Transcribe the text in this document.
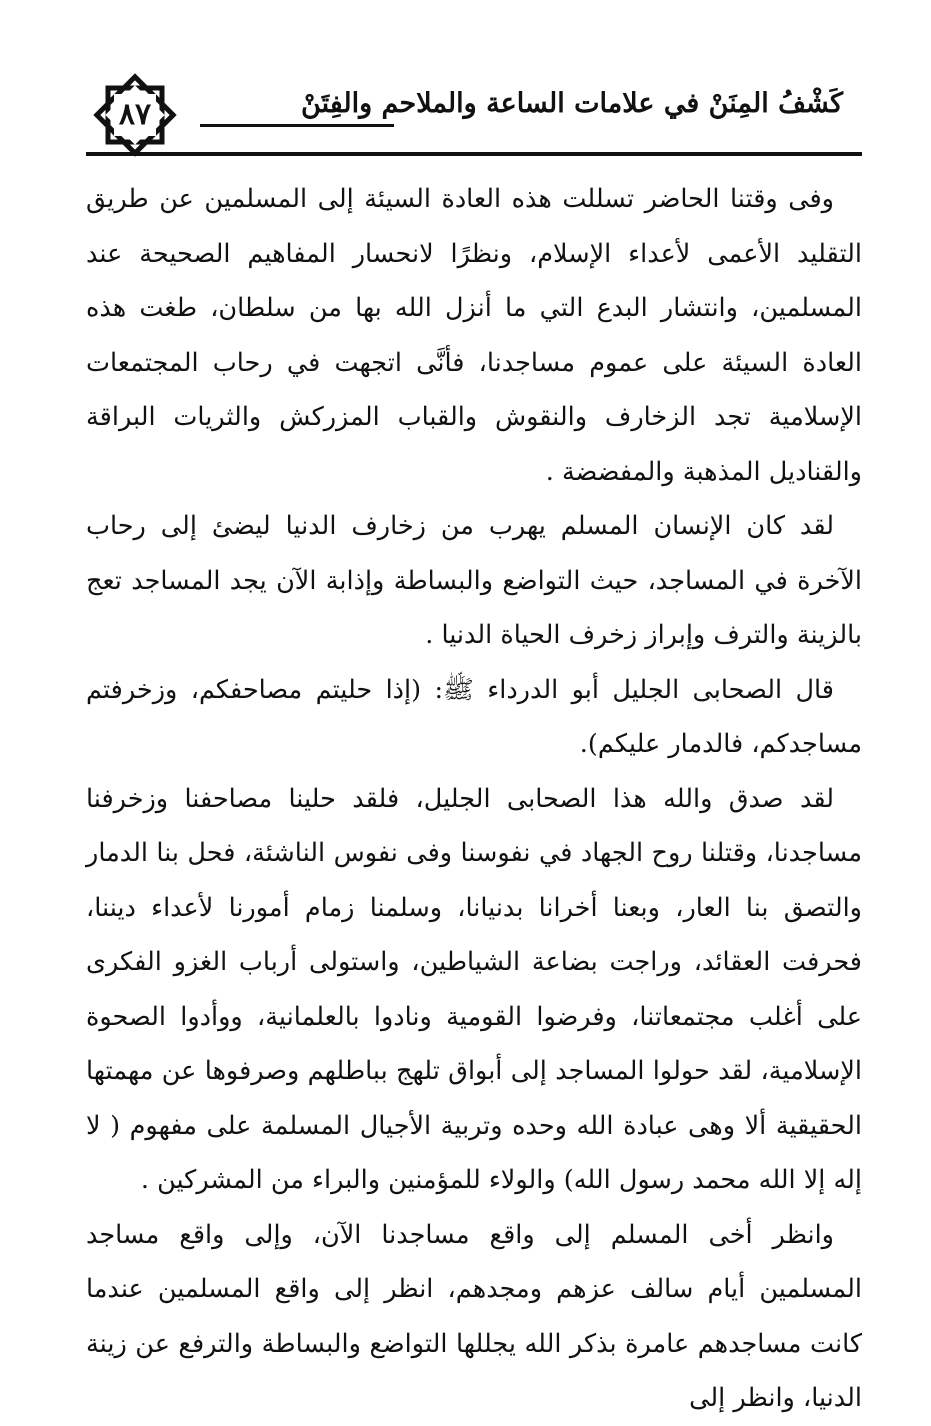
٨٧	كَشْفُ المِنَنْ في علامات الساعة والملاحم والفِتَنْ

وفى وقتنا الحاضر تسللت هذه العادة السيئة إلى المسلمين عن طريق التقليد الأعمى لأعداء الإسلام، ونظرًا لانحسار المفاهيم الصحيحة عند المسلمين، وانتشار البدع التي ما أنزل الله بها من سلطان، طغت هذه العادة السيئة على عموم مساجدنا، فأنَّى اتجهت في رحاب المجتمعات الإسلامية تجد الزخارف والنقوش والقباب المزركش والثريات البراقة والقناديل المذهبة والمفضضة .

لقد كان الإنسان المسلم يهرب من زخارف الدنيا ليضئ إلى رحاب الآخرة في المساجد، حيث التواضع والبساطة وإذابة الآن يجد المساجد تعج بالزينة والترف وإبراز زخرف الحياة الدنيا .

قال الصحابى الجليل أبو الدرداء ﷺ: (إذا حليتم مصاحفكم، وزخرفتم مساجدكم، فالدمار عليكم).

لقد صدق والله هذا الصحابى الجليل، فلقد حلينا مصاحفنا وزخرفنا مساجدنا، وقتلنا روح الجهاد في نفوسنا وفى نفوس الناشئة، فحل بنا الدمار والتصق بنا العار، وبعنا أخرانا بدنيانا، وسلمنا زمام أمورنا لأعداء ديننا، فحرفت العقائد، وراجت بضاعة الشياطين، واستولى أرباب الغزو الفكرى على أغلب مجتمعاتنا، وفرضوا القومية ونادوا بالعلمانية، ووأدوا الصحوة الإسلامية، لقد حولوا المساجد إلى أبواق تلهج بباطلهم وصرفوها عن مهمتها الحقيقية ألا وهى عبادة الله وحده وتربية الأجيال المسلمة على مفهوم ( لا إله إلا الله محمد رسول الله) والولاء للمؤمنين والبراء من المشركين .

وانظر أخى المسلم إلى واقع مساجدنا الآن، وإلى واقع مساجد المسلمين أيام سالف عزهم ومجدهم، انظر إلى واقع المسلمين عندما كانت مساجدهم عامرة بذكر الله يجللها التواضع والبساطة والترفع عن زينة الدنيا، وانظر إلى
